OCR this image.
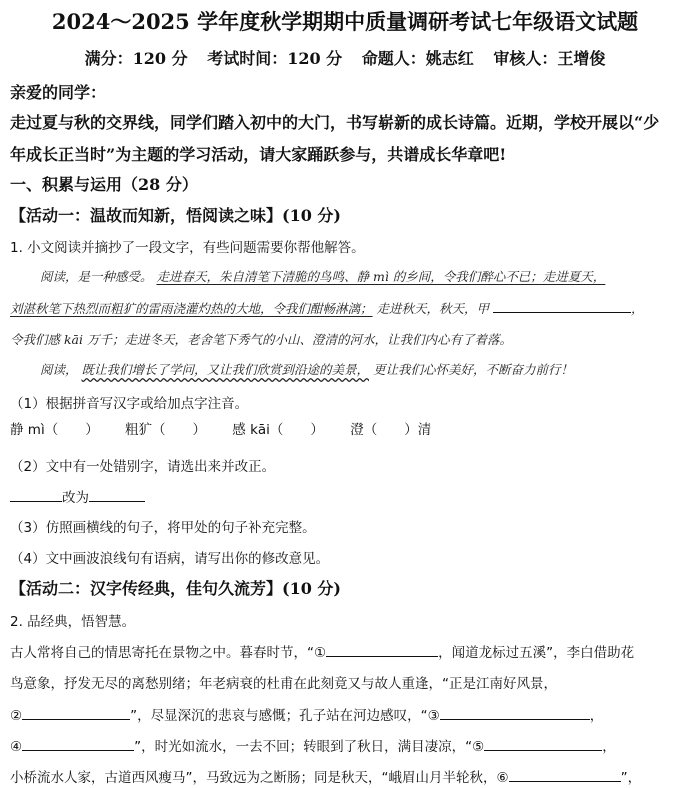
2024～2025 学年度秋学期期中质量调研考试七年级语文试题
满分：120 分 考试时间：120 分 命题人：姚志红 审核人：王增俊
亲爱的同学：
走过夏与秋的交界线，同学们踏入初中的大门，书写崭新的成长诗篇。近期，学校开展以“少
年成长正当时”为主题的学习活动，请大家踊跃参与，共谱成长华章吧!
一、积累与运用（28 分）
【活动一：温故而知新，悟阅读之味】(10 分)
1. 小文阅读并摘抄了一段文字，有些问题需要你帮他解答。
阅读，是一种感受。 走进春天，朱自清笔下清脆的鸟鸣、静 mì 的乡间，令我们醉心不已；走进夏天，
刘湛秋笔下热烈而粗犷的雷雨浇灌灼热的大地，令我们酣畅淋漓； 走进秋天，秋天，甲	，
令我们感 kāi 万千；走进冬天，老舍笔下秀气的小山、澄清的河水，让我们内心有了着落。
阅读， 既让我们增长了学问，又让我们欣赏到沿途的美景， 更让我们心怀美好，不断奋力前行！
（1）根据拼音写汉字或给加点字注音。
静 mì（　　） 粗犷（　　） 感 kāi（　　） 澄（　　）清
（2）文中有一处错别字，请选出来并改正。
改为
（3）仿照画横线的句子，将甲处的句子补充完整。
（4）文中画波浪线句有语病，请写出你的修改意见。
【活动二：汉字传经典，佳句久流芳】(10 分)
2. 品经典，悟智慧。
古人常将自己的情思寄托在景物之中。暮春时节，“①	，闻道龙标过五溪”，李白借助花
鸟意象，抒发无尽的离愁别绪；年老病衰的杜甫在此刻竟又与故人重逢，“正是江南好风景，
②	”，尽显深沉的悲哀与感慨；孔子站在河边感叹，“③	，
④	”，时光如流水，一去不回；转眼到了秋日，满目凄凉，“⑤	，
小桥流水人家，古道西风瘦马”，马致远为之断肠；同是秋天，“峨眉山月半轮秋，⑥	”，
